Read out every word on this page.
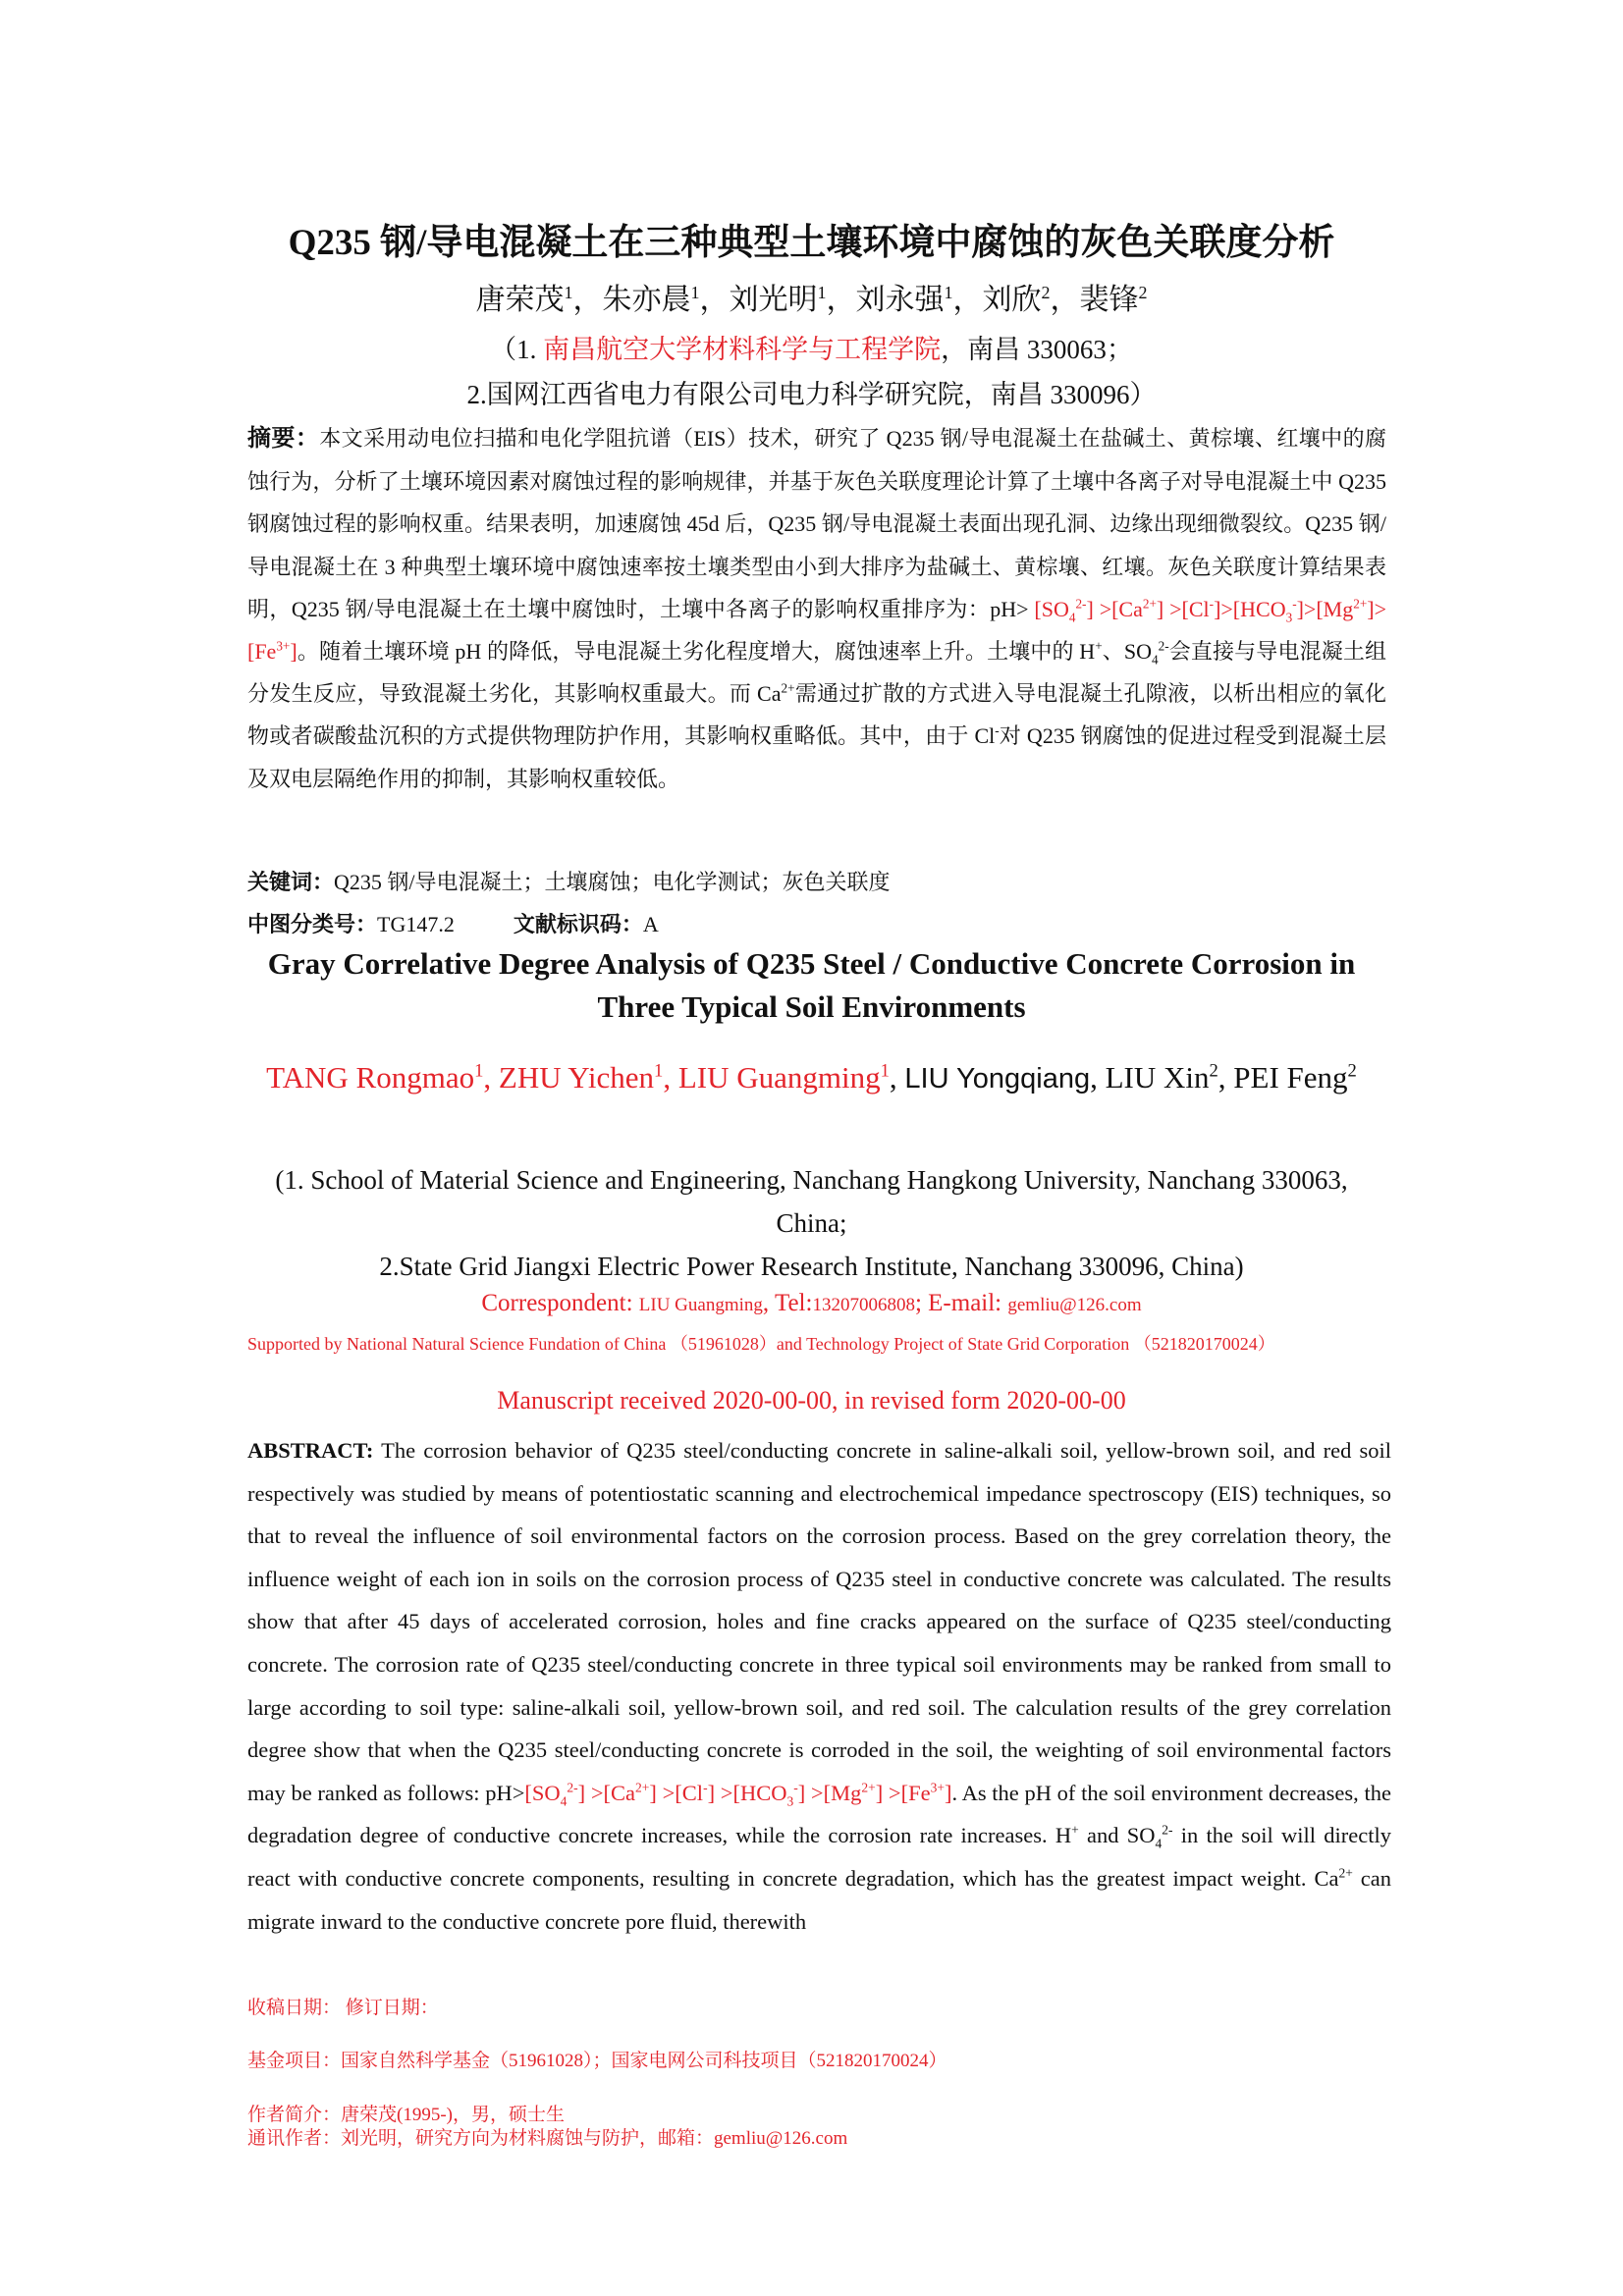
Q235 钢/导电混凝土在三种典型土壤环境中腐蚀的灰色关联度分析
唐荣茂$^1$，朱亦晨$^1$，刘光明$^1$，刘永强$^1$，刘欣$^2$，裴锋$^2$
（1. 南昌航空大学材料科学与工程学院，南昌 330063；
2.国网江西省电力有限公司电力科学研究院，南昌 330096）
摘要：本文采用动电位扫描和电化学阻抗谱（EIS）技术，研究了 Q235 钢/导电混凝土在盐碱土、黄棕壤、红壤中的腐蚀行为，分析了土壤环境因素对腐蚀过程的影响规律，并基于灰色关联度理论计算了土壤中各离子对导电混凝土中 Q235 钢腐蚀过程的影响权重。结果表明，加速腐蚀 45d 后，Q235 钢/导电混凝土表面出现孔洞、边缘出现细微裂纹。Q235 钢/导电混凝土在 3 种典型土壤环境中腐蚀速率按土壤类型由小到大排序为盐碱土、黄棕壤、红壤。灰色关联度计算结果表明，Q235 钢/导电混凝土在土壤中腐蚀时，土壤中各离子的影响权重排序为：$pH> [SO_4^{2-}] >[Ca^{2+}] >[Cl^-]>[HCO_3^-]>[Mg^{2+}]>[Fe^{3+}]$。随着土壤环境 pH 的降低，导电混凝土劣化程度增大，腐蚀速率上升。土壤中的 H+、$SO_4^{2-}$会直接与导电混凝土组分发生反应，导致混凝土劣化，其影响权重最大。而 $Ca^{2+}$需通过扩散的方式进入导电混凝土孔隙液，以析出相应的氧化物或者碳酸盐沉积的方式提供物理防护作用，其影响权重略低。其中，由于 Cl-对 Q235 钢腐蚀的促进过程受到混凝土层及双电层隔绝作用的抑制，其影响权重较低。
关键词：Q235 钢/导电混凝土；土壤腐蚀；电化学测试；灰色关联度
中图分类号：TG147.2	文献标识码：A
Gray Correlative Degree Analysis of Q235 Steel / Conductive Concrete Corrosion in Three Typical Soil Environments
TANG Rongmao$^1$, ZHU Yichen$^1$, LIU Guangming$^1$, LIU Yongqiang, LIU Xin$^2$, PEI Feng$^2$
(1. School of Material Science and Engineering, Nanchang Hangkong University, Nanchang 330063, China;
2.State Grid Jiangxi Electric Power Research Institute, Nanchang 330096, China)
Correspondent: LIU Guangming, Tel:13207006808; E-mail: gemliu@126.com
Supported by National Natural Science Fundation of China （51961028）and Technology Project of State Grid Corporation （521820170024）
Manuscript received 2020-00-00, in revised form 2020-00-00
ABSTRACT: The corrosion behavior of Q235 steel/conducting concrete in saline-alkali soil, yellow-brown soil, and red soil respectively was studied by means of potentiostatic scanning and electrochemical impedance spectroscopy (EIS) techniques, so that to reveal the influence of soil environmental factors on the corrosion process. Based on the grey correlation theory, the influence weight of each ion in soils on the corrosion process of Q235 steel in conductive concrete was calculated. The results show that after 45 days of accelerated corrosion, holes and fine cracks appeared on the surface of Q235 steel/conducting concrete. The corrosion rate of Q235 steel/conducting concrete in three typical soil environments may be ranked from small to large according to soil type: saline-alkali soil, yellow-brown soil, and red soil. The calculation results of the grey correlation degree show that when the Q235 steel/conducting concrete is corroded in the soil, the weighting of soil environmental factors may be ranked as follows: $pH>[SO_4^{2-}] >[Ca^{2+}] >[Cl^-] >[HCO_3^-] >[Mg^{2+}] >[Fe^{3+}]$. As the pH of the soil environment decreases, the degradation degree of conductive concrete increases, while the corrosion rate increases. H+ and $SO_4^{2-}$ in the soil will directly react with conductive concrete components, resulting in concrete degradation, which has the greatest impact weight. $Ca^{2+}$ can migrate inward to the conductive concrete pore fluid, therewith
收稿日期： 修订日期：
基金项目：国家自然科学基金（51961028）；国家电网公司科技项目（521820170024）
作者简介：唐荣茂(1995-)，男，硕士生
通讯作者：刘光明，研究方向为材料腐蚀与防护，邮箱：gemliu@126.com
